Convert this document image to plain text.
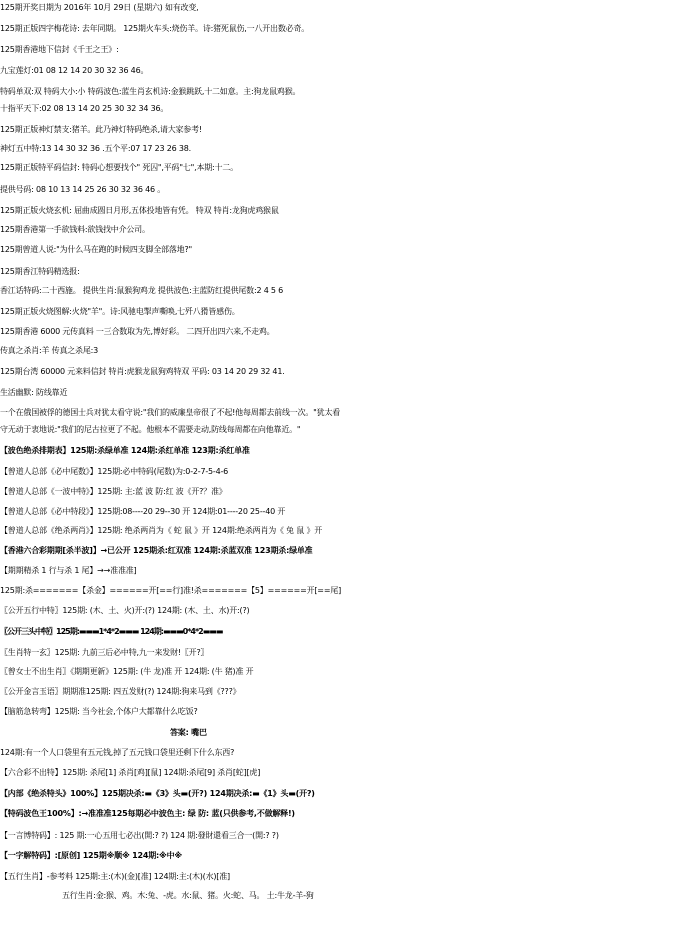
125期开奖日期为 2016年 10月 29日 (星期六) 如有改变,
125期正版四字梅花诗: 去年同期。 125期火车头:烧伤羊。诗:猪死鼠伤,一八开出数必奇。
125期香港地下信封《千王之王》:
九宝莲灯:01 08 12 14 20 30 32 36 46。
特码单双:双 特码大小:小 特码波色:蓝生肖玄机诗:金猴跳跃,十二如意。主:狗龙鼠鸡猴。
十指平天下:02 08 13 14 20 25 30 32 34 36。
125期正版神灯禁支:猪羊。此乃神灯特码绝杀,请大家参考!
神灯五中特:13 14 30 32 36 .五个平:07 17 23 26 38.
125期正版特平码信封: 特码心想要找个" 死囚",平码"七",本期:十二。
提供号码: 08 10 13 14 25 26 30 32 36 46 。
125期正版火烧玄机: 屈曲成圆日月形,五体投地皆有凭。 特双 特肖:龙狗虎鸡猴鼠
125期香港第一手欲钱料:欲钱找中介公司。
125期曾道人说:"为什么马在跑的时候四支脚全部落地?"
125期香江特码精选报:
香江话特码:二十西施。 提供生肖:鼠猴狗鸡龙 提供波色:主蓝防红提供尾数:2 4 5 6
125期正版火烧图解:火烧"羊"。诗:风驰电掣声嘶唤,七歼八猾皆感伤。
125期香港 6000 元传真料 一三合数取为先,博好彩。 二四开出四六来,不走鸡。
传真之杀肖:羊 传真之杀尾:3
125期台湾 60000 元来料信封 特肖:虎猴龙鼠狗鸡特双 平码: 03 14 20 29 32 41.
生活幽默: 防线靠近
一个在俄国被俘的德国士兵对犹太看守说:"我们的威廉皇帝很了不起!他每周都去前线一次。"犹太看
守无动于衷地说:"我们的尼古拉更了不起。他根本不需要走动,防线每周都在向他靠近。"
【波色绝杀排期表】125期:杀绿单准 124期:杀红单准 123期:杀红单准
【曾道人总部《必中尾数》】125期:必中特码(尾数)为:0-2-7-5-4-6
【曾道人总部《一波中特》】125期: 主:蓝 波 防:红 波《开?？准》
【曾道人总部《必中特段》】125期:08----20 29--30 开 124期:01----20 25--40 开
【曾道人总部《绝杀两肖》】125期: 绝杀两肖为《 蛇 鼠 》开 124期:绝杀两肖为《 兔 鼠 》开
【香港六合彩期期[杀半波]】→已公开 125期杀:红双准 124期:杀蓝双准 123期杀:绿单准
【期期精杀 1 行与杀 1 尾】→→准准准]
125期:杀=======【杀金】======开[==行]准!杀=======【5】======开[==尾]
〖公开五行中特〗125期: (木、土、火)开:(?) 124期: (木、土、水)开:(?)
〖公开三头中特〗125期:▬▬▬1*4*2▬▬▬ 124期:▬▬▬0*4*2▬▬▬
〖生肖特一玄〗125期: 九前三后必中特,九一来发财!〖开?〗
〖曾女士不出生肖〗《期期更新》125期: (牛 龙)准 开 124期: (牛 猪)准 开
〖公开金言玉语〗期期准125期: 四五发财(?) 124期:狗来马到《???》
【脑筋急转弯】125期: 当今社会,个体户大都靠什么吃饭?
答案: 嘴巴
124期:有一个人口袋里有五元钱,掉了五元钱口袋里还剩下什么东西?
【六合彩不出特】125期: 杀尾[1] 杀肖[鸡][鼠] 124期:杀尾[9] 杀肖[蛇][虎]
【内部《绝杀特头》100%】125期决杀:▬《3》头▬(开?) 124期决杀:▬《1》头▬(开?)
【特码波色王100%】:→准准准125每期必中波色主: 绿 防: 蓝(只供参考,不做解释!)
【一言博特码】: 125 期:一心五用七必出(開:? ?) 124 期:發財還看三合一(開:? ?)
【一字解特码】:[原创] 125期※顺※ 124期:※中※
【五行生肖】-参考料 125期:主:(木)(金)[准] 124期:主:(木)(水)[准]
五行生肖:金:猴、鸡。木:兔、-虎。水:鼠、猪。火:蛇、马。 土:牛龙-羊-狗
